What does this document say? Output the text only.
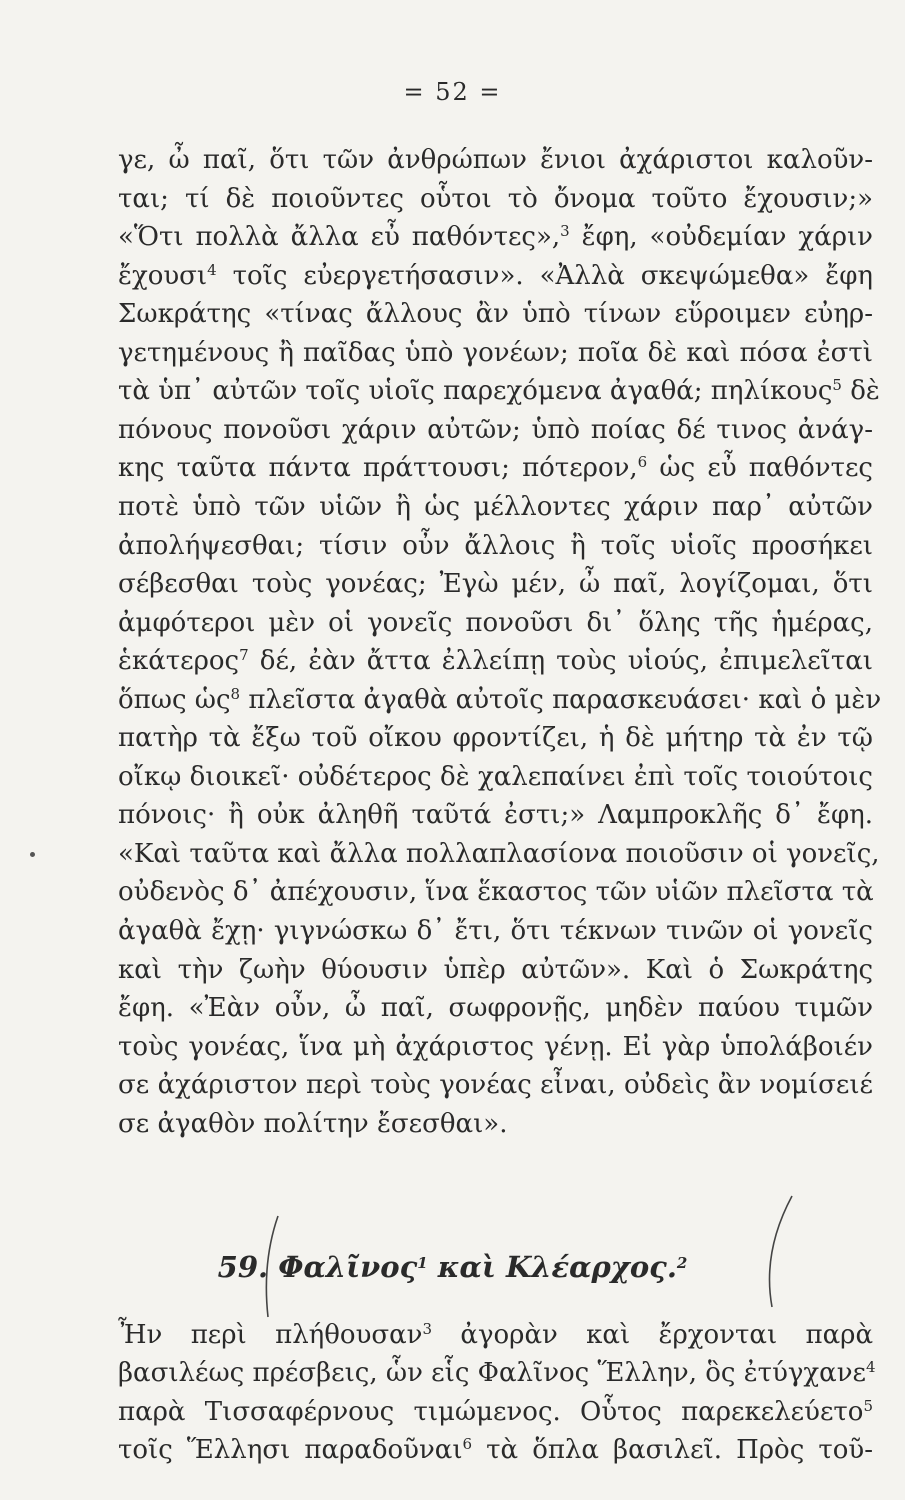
= 52 =
γε, ὦ παῖ, ὅτι τῶν ἀνθρώπων ἔνιοι ἀχάριστοι καλοῦν-
ται; τί δὲ ποιοῦντες οὗτοι τὸ ὄνομα τοῦτο ἔχουσιν;»
«Ὅτι πολλὰ ἄλλα εὖ παθόντες»,$^3$ ἔφη, «οὐδεμίαν χάριν
ἔχουσι$^4$ τοῖς εὐεργετήσασιν». «Ἀλλὰ σκεψώμεθα» ἔφη
Σωκράτης «τίνας ἄλλους ἂν ὑπὸ τίνων εὕροιμεν εὐηρ-
γετημένους ἢ παῖδας ὑπὸ γονέων; ποῖα δὲ καὶ πόσα ἐστὶ
τὰ ὑπ᾿ αὐτῶν τοῖς υἱοῖς παρεχόμενα ἀγαθά; πηλίκους$^5$ δὲ
πόνους πονοῦσι χάριν αὐτῶν; ὑπὸ ποίας δέ τινος ἀνάγ-
κης ταῦτα πάντα πράττουσι; πότερον,$^6$ ὡς εὖ παθόντες
ποτὲ ὑπὸ τῶν υἱῶν ἢ ὡς μέλλοντες χάριν παρ᾿ αὐτῶν
ἀπολήψεσθαι; τίσιν οὖν ἄλλοις ἢ τοῖς υἱοῖς προσήκει
σέβεσθαι τοὺς γονέας; Ἐγὼ μέν, ὦ παῖ, λογίζομαι, ὅτι
ἀμφότεροι μὲν οἱ γονεῖς πονοῦσι δι᾿ ὅλης τῆς ἡμέρας,
ἑκάτερος$^7$ δέ, ἐὰν ἄττα ἐλλείπῃ τοὺς υἱούς, ἐπιμελεῖται
ὅπως ὡς$^8$ πλεῖστα ἀγαθὰ αὐτοῖς παρασκευάσει· καὶ ὁ μὲν
πατὴρ τὰ ἔξω τοῦ οἴκου φροντίζει, ἡ δὲ μήτηρ τὰ ἐν τῷ
οἴκῳ διοικεῖ· οὐδέτερος δὲ χαλεπαίνει ἐπὶ τοῖς τοιούτοις
πόνοις· ἢ οὐκ ἀληθῆ ταῦτά ἐστι;» Λαμπροκλῆς δ᾿ ἔφη.
«Καὶ ταῦτα καὶ ἄλλα πολλαπλασίονα ποιοῦσιν οἱ γονεῖς,
οὐδενὸς δ᾿ ἀπέχουσιν, ἵνα ἕκαστος τῶν υἱῶν πλεῖστα τὰ
ἀγαθὰ ἔχῃ· γιγνώσκω δ᾿ ἔτι, ὅτι τέκνων τινῶν οἱ γονεῖς
καὶ τὴν ζωὴν θύουσιν ὑπὲρ αὐτῶν». Καὶ ὁ Σωκράτης
ἔφη. «Ἐὰν οὖν, ὦ παῖ, σωφρονῇς, μηδὲν παύου τιμῶν
τοὺς γονέας, ἵνα μὴ ἀχάριστος γένῃ. Εἰ γὰρ ὑπολάβοιέν
σε ἀχάριστον περὶ τοὺς γονέας εἶναι, οὐδεὶς ἂν νομίσειέ
σε ἀγαθὸν πολίτην ἔσεσθαι».
59. Φαλῖνος$^1$ καὶ Κλέαρχος.$^2$
Ἦν περὶ πλήθουσαν$^3$ ἀγορὰν καὶ ἔρχονται παρὰ
βασιλέως πρέσβεις, ὧν εἷς Φαλῖνος Ἕλλην, ὃς ἐτύγχανε$^4$
παρὰ Τισσαφέρνους τιμώμενος. Οὗτος παρεκελεύετο$^5$
τοῖς Ἕλλησι παραδοῦναι$^6$ τὰ ὅπλα βασιλεῖ. Πρὸς τοῦ-
